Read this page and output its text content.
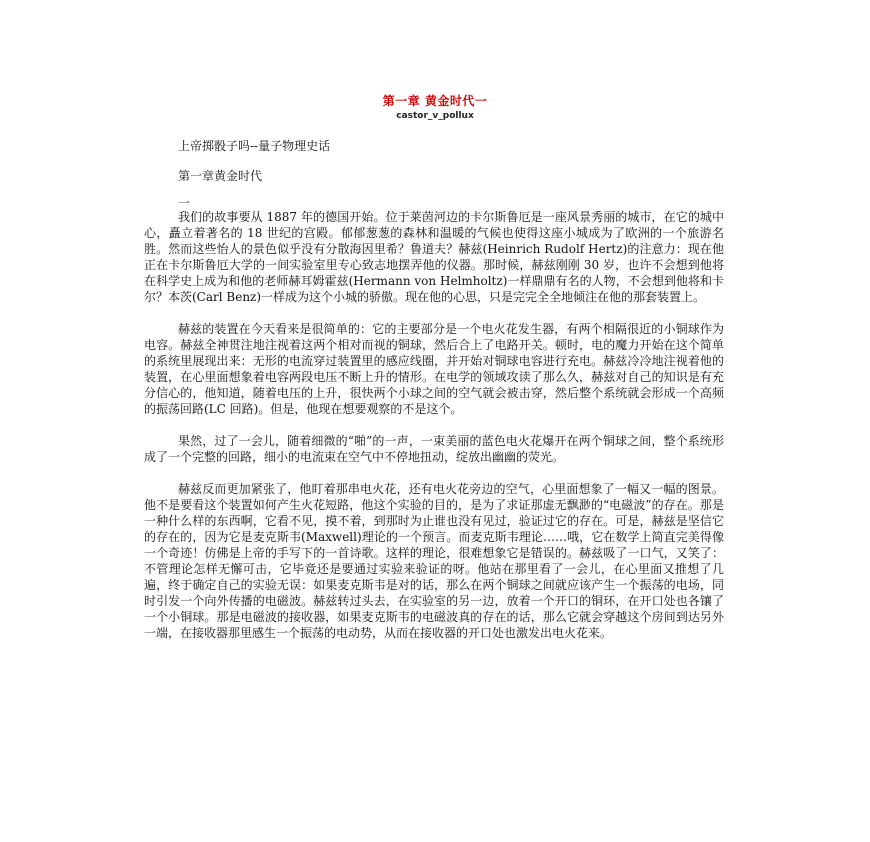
第一章 黄金时代一
castor_v_pollux
上帝掷骰子吗--量子物理史话
第一章黄金时代
一

我们的故事要从 1887 年的德国开始。位于莱茵河边的卡尔斯鲁厄是一座风景秀丽的城市，在它的城中心，矗立着著名的 18 世纪的宫殿。郁郁葱葱的森林和温暖的气候也使得这座小城成为了欧洲的一个旅游名胜。然而这些怡人的景色似乎没有分散海因里希？鲁道夫？赫兹(Heinrich Rudolf Hertz)的注意力：现在他正在卡尔斯鲁厄大学的一间实验室里专心致志地摆弄他的仪器。那时候，赫兹刚刚 30 岁，也许不会想到他将在科学史上成为和他的老师赫耳姆霍兹(Hermann von Helmholtz)一样鼎鼎有名的人物，不会想到他将和卡尔？本茨(Carl Benz)一样成为这个小城的骄傲。现在他的心思，只是完完全全地倾注在他的那套装置上。

赫兹的装置在今天看来是很简单的：它的主要部分是一个电火花发生器，有两个相隔很近的小铜球作为电容。赫兹全神贯注地注视着这两个相对而视的铜球，然后合上了电路开关。顿时，电的魔力开始在这个简单的系统里展现出来：无形的电流穿过装置里的感应线圈，并开始对铜球电容进行充电。赫兹冷冷地注视着他的装置，在心里面想象着电容两段电压不断上升的情形。在电学的领域攻读了那么久，赫兹对自己的知识是有充分信心的，他知道，随着电压的上升，很快两个小球之间的空气就会被击穿，然后整个系统就会形成一个高频的振荡回路(LC 回路)。但是，他现在想要观察的不是这个。

果然，过了一会儿，随着细微的“啪”的一声，一束美丽的蓝色电火花爆开在两个铜球之间，整个系统形成了一个完整的回路，细小的电流束在空气中不停地扭动，绽放出幽幽的荧光。

赫兹反而更加紧张了，他盯着那串电火花，还有电火花旁边的空气，心里面想象了一幅又一幅的图景。他不是要看这个装置如何产生火花短路，他这个实验的目的，是为了求证那虚无飘渺的“电磁波”的存在。那是一种什么样的东西啊，它看不见，摸不着，到那时为止谁也没有见过，验证过它的存在。可是，赫兹是坚信它的存在的，因为它是麦克斯韦(Maxwell)理论的一个预言。而麦克斯韦理论……哦，它在数学上简直完美得像一个奇迹！仿佛是上帝的手写下的一首诗歌。这样的理论，很难想象它是错误的。赫兹吸了一口气，又笑了：不管理论怎样无懈可击，它毕竟还是要通过实验来验证的呀。他站在那里看了一会儿，在心里面又推想了几遍，终于确定自己的实验无误：如果麦克斯韦是对的话，那么在两个铜球之间就应该产生一个振荡的电场，同时引发一个向外传播的电磁波。赫兹转过头去，在实验室的另一边，放着一个开口的铜环，在开口处也各镶了一个小铜球。那是电磁波的接收器，如果麦克斯韦的电磁波真的存在的话，那么它就会穿越这个房间到达另外一端，在接收器那里感生一个振荡的电动势，从而在接收器的开口处也激发出电火花来。
